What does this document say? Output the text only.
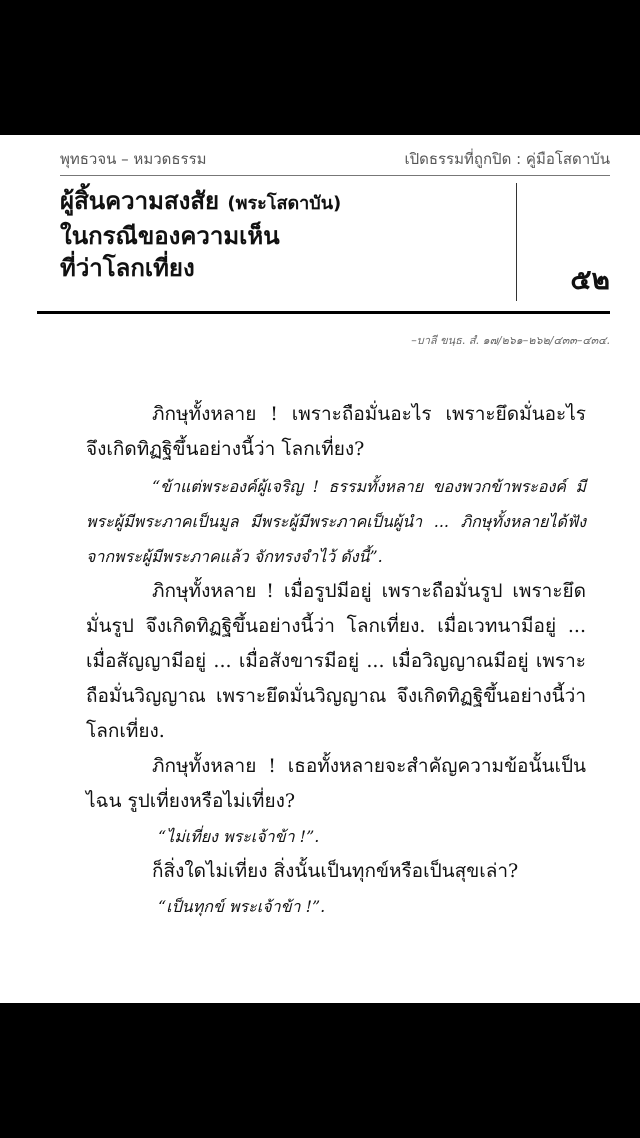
พุทธวจน – หมวดธรรม	เปิดธรรมที่ถูกปิด : คู่มือโสดาบัน
ผู้สิ้นความสงสัย (พระโสดาบัน)
ในกรณีของความเห็น
ที่ว่าโลกเที่ยง	๕๒
–บาลี ขนฺธ. สํ. ๑๗/๒๖๑–๒๖๒/๔๓๓–๔๓๔.

ภิกษุทั้งหลาย ! เพราะถือมั่นอะไร เพราะยึดมั่นอะไร จึงเกิดทิฏฐิขึ้นอย่างนี้ว่า โลกเที่ยง?

“ข้าแต่พระองค์ผู้เจริญ ! ธรรมทั้งหลาย ของพวกข้าพระองค์ มีพระผู้มีพระภาคเป็นมูล มีพระผู้มีพระภาคเป็นผู้นำ ... ภิกษุทั้งหลายได้ฟังจากพระผู้มีพระภาคแล้ว จักทรงจำไว้ ดังนี้”.

ภิกษุทั้งหลาย ! เมื่อรูปมีอยู่ เพราะถือมั่นรูป เพราะยึดมั่นรูป จึงเกิดทิฏฐิขึ้นอย่างนี้ว่า โลกเที่ยง. เมื่อเวทนามีอยู่ ... เมื่อสัญญามีอยู่ ... เมื่อสังขารมีอยู่ ... เมื่อวิญญาณมีอยู่ เพราะถือมั่นวิญญาณ เพราะยึดมั่นวิญญาณ จึงเกิดทิฏฐิขึ้นอย่างนี้ว่า โลกเที่ยง.

ภิกษุทั้งหลาย ! เธอทั้งหลายจะสำคัญความข้อนั้นเป็นไฉน รูปเที่ยงหรือไม่เที่ยง?

“ไม่เที่ยง พระเจ้าข้า !”.

ก็สิ่งใดไม่เที่ยง สิ่งนั้นเป็นทุกข์หรือเป็นสุขเล่า?

“เป็นทุกข์ พระเจ้าข้า !”.
